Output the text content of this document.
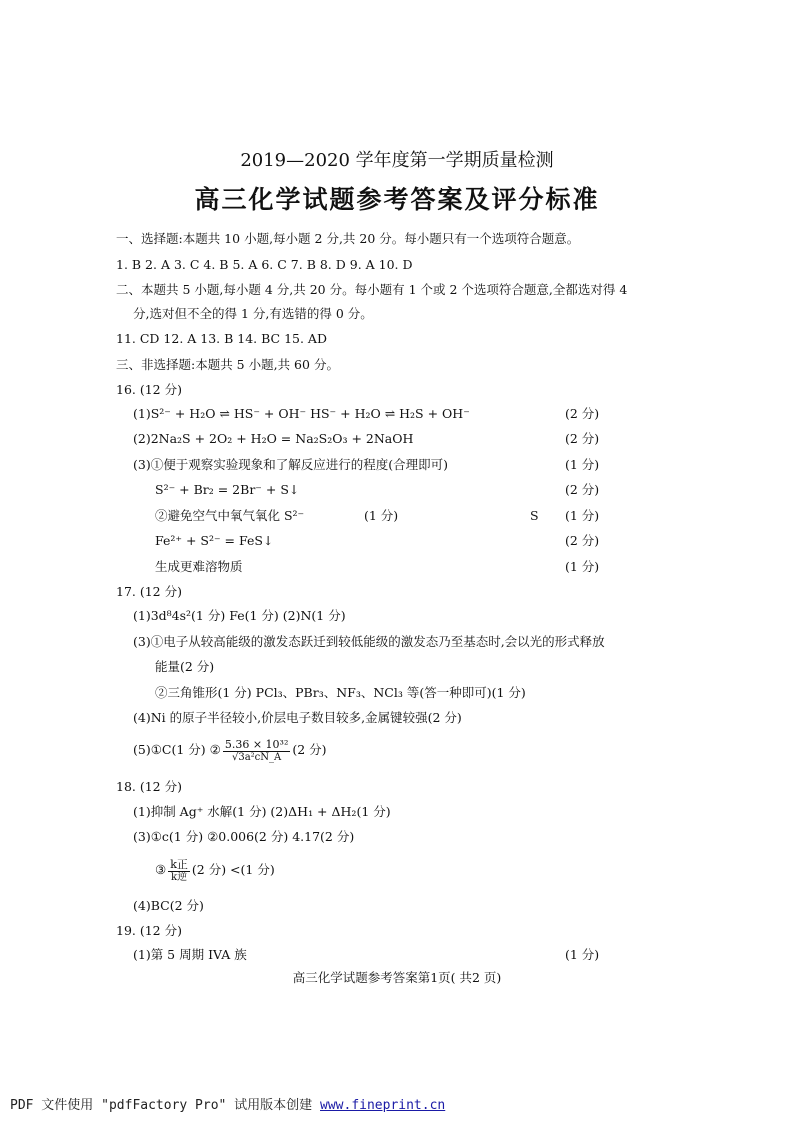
2019—2020 学年度第一学期质量检测
高三化学试题参考答案及评分标准
一、选择题:本题共 10 小题,每小题 2 分,共 20 分。每小题只有一个选项符合题意。
1. B 2. A 3. C 4. B 5. A 6. C 7. B 8. D 9. A 10. D
二、本题共 5 小题,每小题 4 分,共 20 分。每小题有 1 个或 2 个选项符合题意,全都选对得 4
分,选对但不全的得 1 分,有选错的得 0 分。
11. CD 12. A 13. B 14. BC 15. AD
三、非选择题:本题共 5 小题,共 60 分。
16. (12 分)
(1)S²⁻ + H₂O ⇌ HS⁻ + OH⁻ HS⁻ + H₂O ⇌ H₂S + OH⁻	(2 分)
(2)2Na₂S + 2O₂ + H₂O = Na₂S₂O₃ + 2NaOH	(2 分)
(3)①便于观察实验现象和了解反应进行的程度(合理即可)	(1 分)
S²⁻ + Br₂ = 2Br⁻ + S↓	(2 分)
②避免空气中氧气氧化 S²⁻	(1 分)	S (1 分)
Fe²⁺ + S²⁻ = FeS↓	(2 分)
生成更难溶物质	(1 分)
17. (12 分)
(1)3d⁸4s²(1 分) Fe(1 分) (2)N(1 分)
(3)①电子从较高能级的激发态跃迁到较低能级的激发态乃至基态时,会以光的形式释放
能量(2 分)
②三角锥形(1 分) PCl₃、PBr₃、NF₃、NCl₃ 等(答一种即可)(1 分)
(4)Ni 的原子半径较小,价层电子数目较多,金属键较强(2 分)
(5)①C(1 分) ② $\frac{\text{5.36 × 10³²}}{\text{√3a²cN\_A}} (2$ 分)
18. (12 分)
(1)抑制 Ag⁺ 水解(1 分) (2)ΔH₁ + ΔH₂(1 分)
(3)①c(1 分) ②0.006(2 分) 4.17(2 分)
③ $\frac{\text{k正}}{\text{k逆}} (2$ 分) <(1 分)
(4)BC(2 分)
19. (12 分)
(1)第 5 周期 IVA 族	(1 分)
高三化学试题参考答案第1页( 共2 页)
PDF 文件使用 "pdfFactory Pro" 试用版本创建 www.fineprint.cn
